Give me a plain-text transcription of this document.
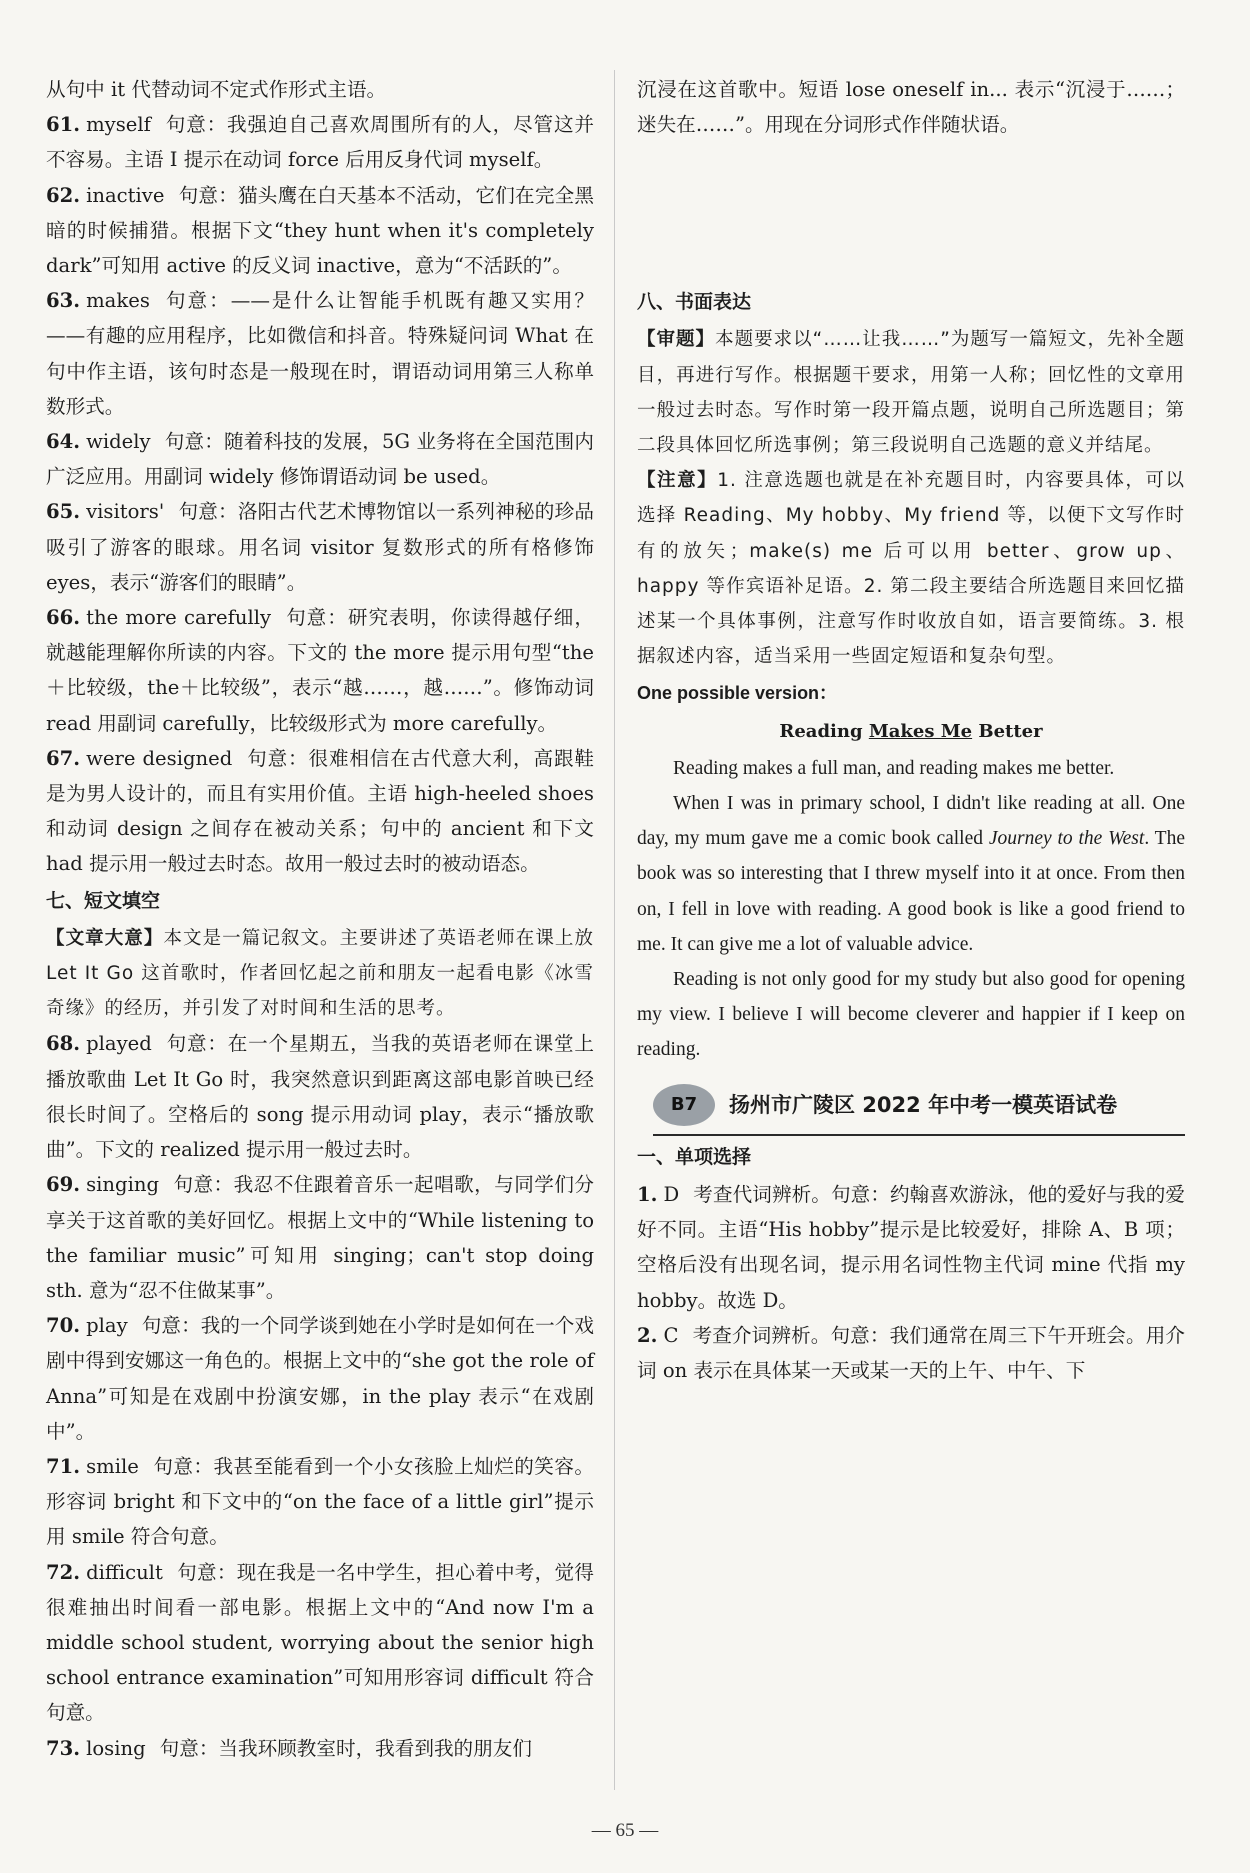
从句中 it 代替动词不定式作形式主语。

61. myself 句意：我强迫自己喜欢周围所有的人，尽管这并不容易。主语 I 提示在动词 force 后用反身代词 myself。

62. inactive 句意：猫头鹰在白天基本不活动，它们在完全黑暗的时候捕猎。根据下文“they hunt when it's completely dark”可知用 active 的反义词 inactive，意为“不活跃的”。

63. makes 句意：——是什么让智能手机既有趣又实用？——有趣的应用程序，比如微信和抖音。特殊疑问词 What 在句中作主语，该句时态是一般现在时，谓语动词用第三人称单数形式。

64. widely 句意：随着科技的发展，5G 业务将在全国范围内广泛应用。用副词 widely 修饰谓语动词 be used。

65. visitors' 句意：洛阳古代艺术博物馆以一系列神秘的珍品吸引了游客的眼球。用名词 visitor 复数形式的所有格修饰 eyes，表示“游客们的眼睛”。

66. the more carefully 句意：研究表明，你读得越仔细，就越能理解你所读的内容。下文的 the more 提示用句型“the＋比较级，the＋比较级”，表示“越……，越……”。修饰动词 read 用副词 carefully，比较级形式为 more carefully。

67. were designed 句意：很难相信在古代意大利，高跟鞋是为男人设计的，而且有实用价值。主语 high-heeled shoes 和动词 design 之间存在被动关系；句中的 ancient 和下文 had 提示用一般过去时态。故用一般过去时的被动语态。

七、短文填空

【文章大意】本文是一篇记叙文。主要讲述了英语老师在课上放 Let It Go 这首歌时，作者回忆起之前和朋友一起看电影《冰雪奇缘》的经历，并引发了对时间和生活的思考。

68. played 句意：在一个星期五，当我的英语老师在课堂上播放歌曲 Let It Go 时，我突然意识到距离这部电影首映已经很长时间了。空格后的 song 提示用动词 play，表示“播放歌曲”。下文的 realized 提示用一般过去时。

69. singing 句意：我忍不住跟着音乐一起唱歌，与同学们分享关于这首歌的美好回忆。根据上文中的“While listening to the familiar music”可知用 singing；can't stop doing sth. 意为“忍不住做某事”。

70. play 句意：我的一个同学谈到她在小学时是如何在一个戏剧中得到安娜这一角色的。根据上文中的“she got the role of Anna”可知是在戏剧中扮演安娜，in the play 表示“在戏剧中”。

71. smile 句意：我甚至能看到一个小女孩脸上灿烂的笑容。形容词 bright 和下文中的“on the face of a little girl”提示用 smile 符合句意。

72. difficult 句意：现在我是一名中学生，担心着中考，觉得很难抽出时间看一部电影。根据上文中的“And now I'm a middle school student, worrying about the senior high school entrance examination”可知用形容词 difficult 符合句意。

73. losing 句意：当我环顾教室时，我看到我的朋友们

沉浸在这首歌中。短语 lose oneself in... 表示“沉浸于……；迷失在……”。用现在分词形式作伴随状语。

八、书面表达

【审题】本题要求以“……让我……”为题写一篇短文，先补全题目，再进行写作。根据题干要求，用第一人称；回忆性的文章用一般过去时态。写作时第一段开篇点题，说明自己所选题目；第二段具体回忆所选事例；第三段说明自己选题的意义并结尾。

【注意】1. 注意选题也就是在补充题目时，内容要具体，可以选择 Reading、My hobby、My friend 等，以便下文写作时有的放矢；make(s) me 后可以用 better、grow up、happy 等作宾语补足语。2. 第二段主要结合所选题目来回忆描述某一个具体事例，注意写作时收放自如，语言要简练。3. 根据叙述内容，适当采用一些固定短语和复杂句型。

One possible version：
Reading Makes Me Better

Reading makes a full man, and reading makes me better.

When I was in primary school, I didn't like reading at all. One day, my mum gave me a comic book called Journey to the West. The book was so interesting that I threw myself into it at once. From then on, I fell in love with reading. A good book is like a good friend to me. It can give me a lot of valuable advice.

Reading is not only good for my study but also good for opening my view. I believe I will become cleverer and happier if I keep on reading.

B7	扬州市广陵区 2022 年中考一模英语试卷
一、单项选择

1. D 考查代词辨析。句意：约翰喜欢游泳，他的爱好与我的爱好不同。主语“His hobby”提示是比较爱好，排除 A、B 项；空格后没有出现名词，提示用名词性物主代词 mine 代指 my hobby。故选 D。

2. C 考查介词辨析。句意：我们通常在周三下午开班会。用介词 on 表示在具体某一天或某一天的上午、中午、下

— 65 —
